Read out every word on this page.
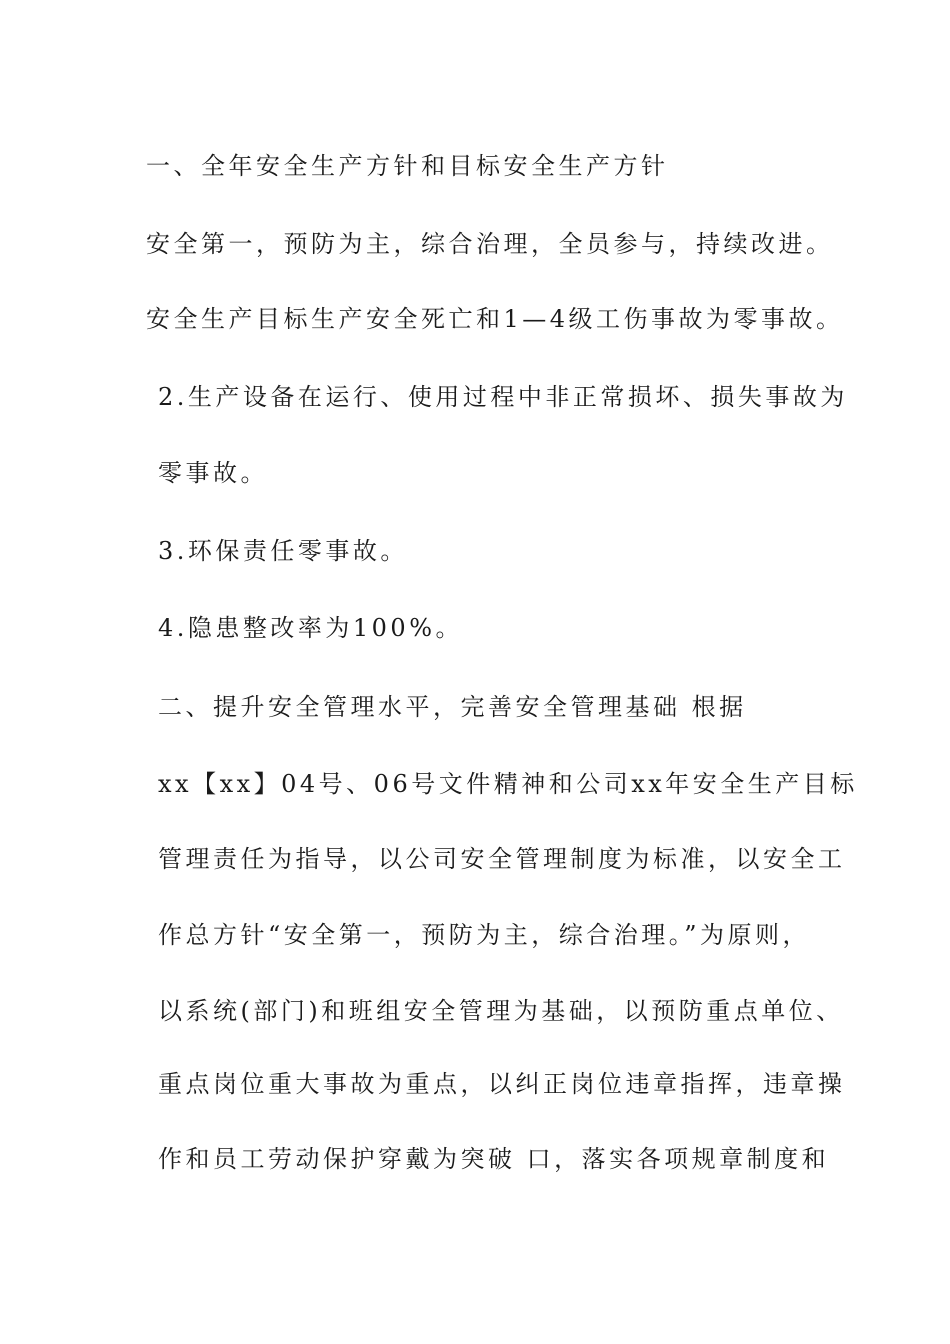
一、全年安全生产方针和目标安全生产方针
安全第一，预防为主，综合治理，全员参与，持续改进。
安全生产目标生产安全死亡和1—4级工伤事故为零事故。
2.生产设备在运行、使用过程中非正常损坏、损失事故为
零事故。
3.环保责任零事故。
4.隐患整改率为100%。
二、提升安全管理水平，完善安全管理基础 根据
xx【xx】04号、06号文件精神和公司xx年安全生产目标
管理责任为指导，以公司安全管理制度为标准，以安全工
作总方针“安全第一，预防为主，综合治理。”为原则，
以系统(部门)和班组安全管理为基础，以预防重点单位、
重点岗位重大事故为重点，以纠正岗位违章指挥，违章操
作和员工劳动保护穿戴为突破 口，落实各项规章制度和
